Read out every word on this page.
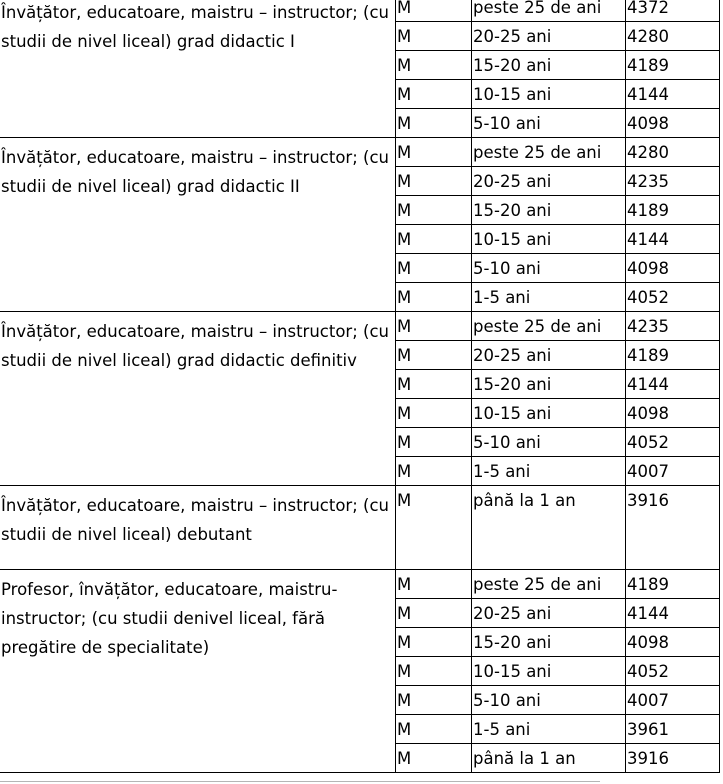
Învățător, educatoare, maistru – instructor; (cu studii de nivel liceal) grad didactic I	M	peste 25 de ani	4372
	M	20-25 ani	4280
	M	15-20 ani	4189
	M	10-15 ani	4144
	M	5-10 ani	4098
Învățător, educatoare, maistru – instructor; (cu studii de nivel liceal) grad didactic II	M	peste 25 de ani	4280
	M	20-25 ani	4235
	M	15-20 ani	4189
	M	10-15 ani	4144
	M	5-10 ani	4098
	M	1-5 ani	4052
Învățător, educatoare, maistru – instructor; (cu studii de nivel liceal) grad didactic definitiv	M	peste 25 de ani	4235
	M	20-25 ani	4189
	M	15-20 ani	4144
	M	10-15 ani	4098
	M	5-10 ani	4052
	M	1-5 ani	4007
Învățător, educatoare, maistru – instructor; (cu studii de nivel liceal) debutant	M	până la 1 an	3916
Profesor, învățător, educatoare, maistru-instructor; (cu studii denivel liceal, fără pregătire de specialitate)	M	peste 25 de ani	4189
	M	20-25 ani	4144
	M	15-20 ani	4098
	M	10-15 ani	4052
	M	5-10 ani	4007
	M	1-5 ani	3961
	M	până la 1 an	3916
